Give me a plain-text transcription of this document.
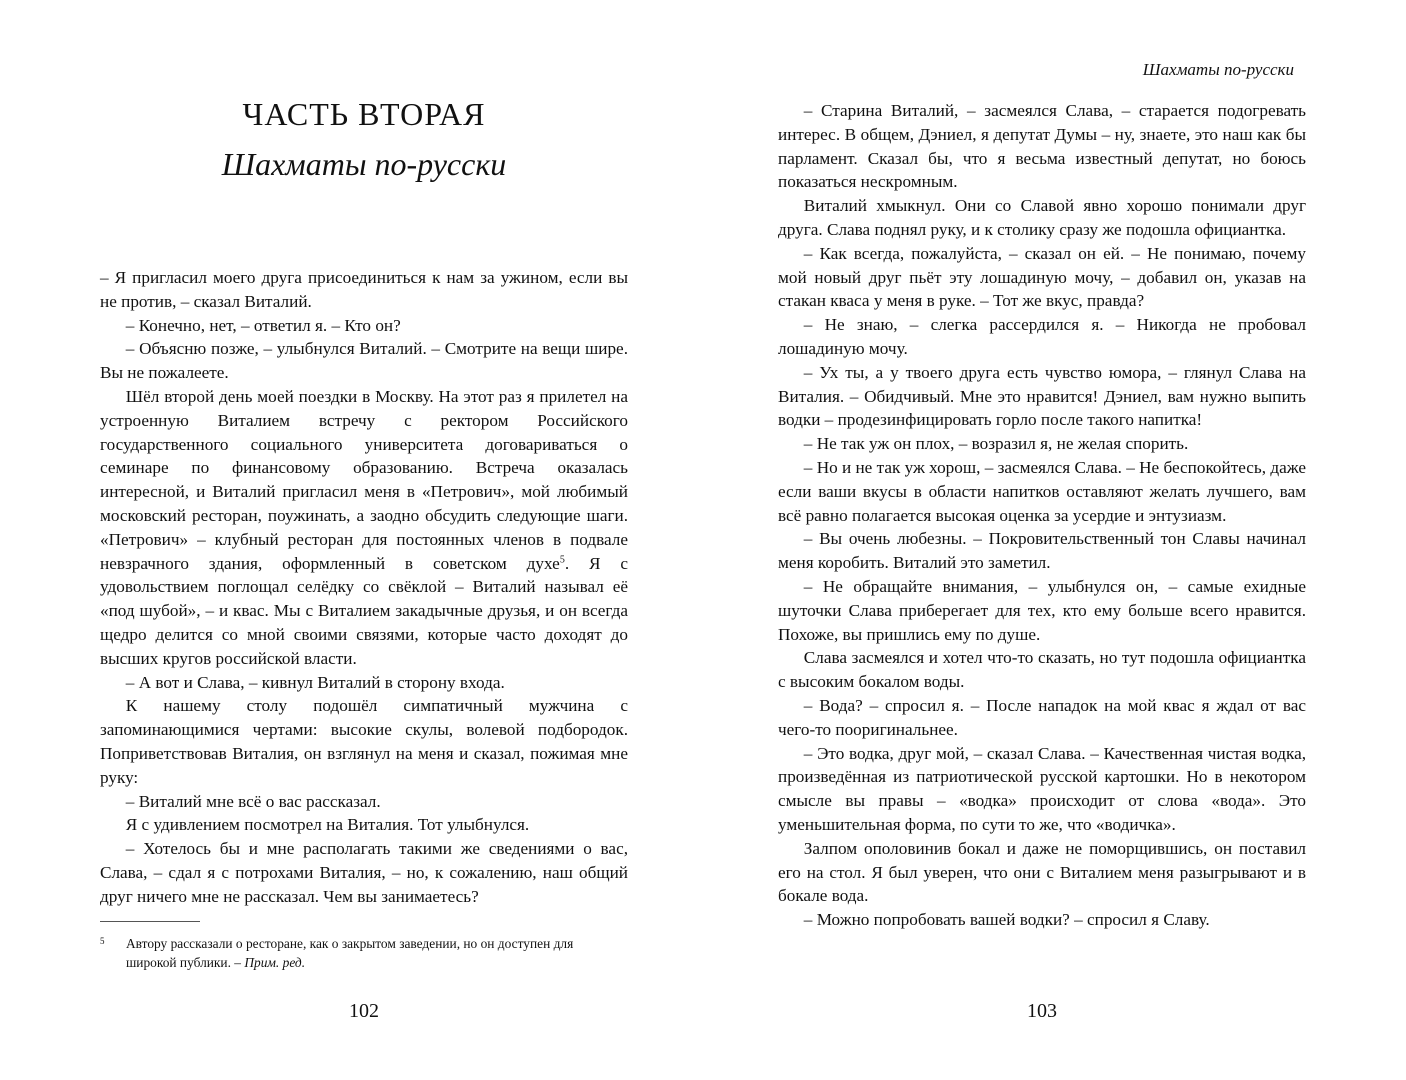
ЧАСТЬ ВТОРАЯ
Шахматы по-русски

– Я пригласил моего друга присоединиться к нам за ужином, если вы не против, – сказал Виталий.

– Конечно, нет, – ответил я. – Кто он?

– Объясню позже, – улыбнулся Виталий. – Смотрите на вещи шире. Вы не пожалеете.

Шёл второй день моей поездки в Москву. На этот раз я прилетел на устроенную Виталием встречу с ректором Российского государственного социального университета договариваться о семинаре по финансовому образованию. Встреча оказалась интересной, и Виталий пригласил меня в «Петрович», мой любимый московский ресторан, поужинать, а заодно обсудить следующие шаги. «Петрович» – клубный ресторан для постоянных членов в подвале невзрачного здания, оформленный в советском духе$^5$. Я с удовольствием поглощал селёдку со свёклой – Виталий называл её «под шубой», – и квас. Мы с Виталием закадычные друзья, и он всегда щедро делится со мной своими связями, которые часто доходят до высших кругов российской власти.

– А вот и Слава, – кивнул Виталий в сторону входа.

К нашему столу подошёл симпатичный мужчина с запоминающимися чертами: высокие скулы, волевой подбородок. Поприветствовав Виталия, он взглянул на меня и сказал, пожимая мне руку:

– Виталий мне всё о вас рассказал.

Я с удивлением посмотрел на Виталия. Тот улыбнулся.

– Хотелось бы и мне располагать такими же сведениями о вас, Слава, – сдал я с потрохами Виталия, – но, к сожалению, наш общий друг ничего мне не рассказал. Чем вы занимаетесь?

5	Автору рассказали о ресторане, как о закрытом заведении, но он доступен для широкой публики. – Прим. ред.
102
Шахматы по-русски

– Старина Виталий, – засмеялся Слава, – старается подогревать интерес. В общем, Дэниел, я депутат Думы – ну, знаете, это наш как бы парламент. Сказал бы, что я весьма известный депутат, но боюсь показаться нескромным.

Виталий хмыкнул. Они со Славой явно хорошо понимали друг друга. Слава поднял руку, и к столику сразу же подошла официантка.

– Как всегда, пожалуйста, – сказал он ей. – Не понимаю, почему мой новый друг пьёт эту лошадиную мочу, – добавил он, указав на стакан кваса у меня в руке. – Тот же вкус, правда?

– Не знаю, – слегка рассердился я. – Никогда не пробовал лошадиную мочу.

– Ух ты, а у твоего друга есть чувство юмора, – глянул Слава на Виталия. – Обидчивый. Мне это нравится! Дэниел, вам нужно выпить водки – продезинфицировать горло после такого напитка!

– Не так уж он плох, – возразил я, не желая спорить.

– Но и не так уж хорош, – засмеялся Слава. – Не беспокойтесь, даже если ваши вкусы в области напитков оставляют желать лучшего, вам всё равно полагается высокая оценка за усердие и энтузиазм.

– Вы очень любезны. – Покровительственный тон Славы начинал меня коробить. Виталий это заметил.

– Не обращайте внимания, – улыбнулся он, – самые ехидные шуточки Слава приберегает для тех, кто ему больше всего нравится. Похоже, вы пришлись ему по душе.

Слава засмеялся и хотел что-то сказать, но тут подошла официантка с высоким бокалом воды.

– Вода? – спросил я. – После нападок на мой квас я ждал от вас чего-то пооригинальнее.

– Это водка, друг мой, – сказал Слава. – Качественная чистая водка, произведённая из патриотической русской картошки. Но в некотором смысле вы правы – «водка» происходит от слова «вода». Это уменьшительная форма, по сути то же, что «водичка».

Залпом ополовинив бокал и даже не поморщившись, он поставил его на стол. Я был уверен, что они с Виталием меня разыгрывают и в бокале вода.

– Можно попробовать вашей водки? – спросил я Славу.

103
